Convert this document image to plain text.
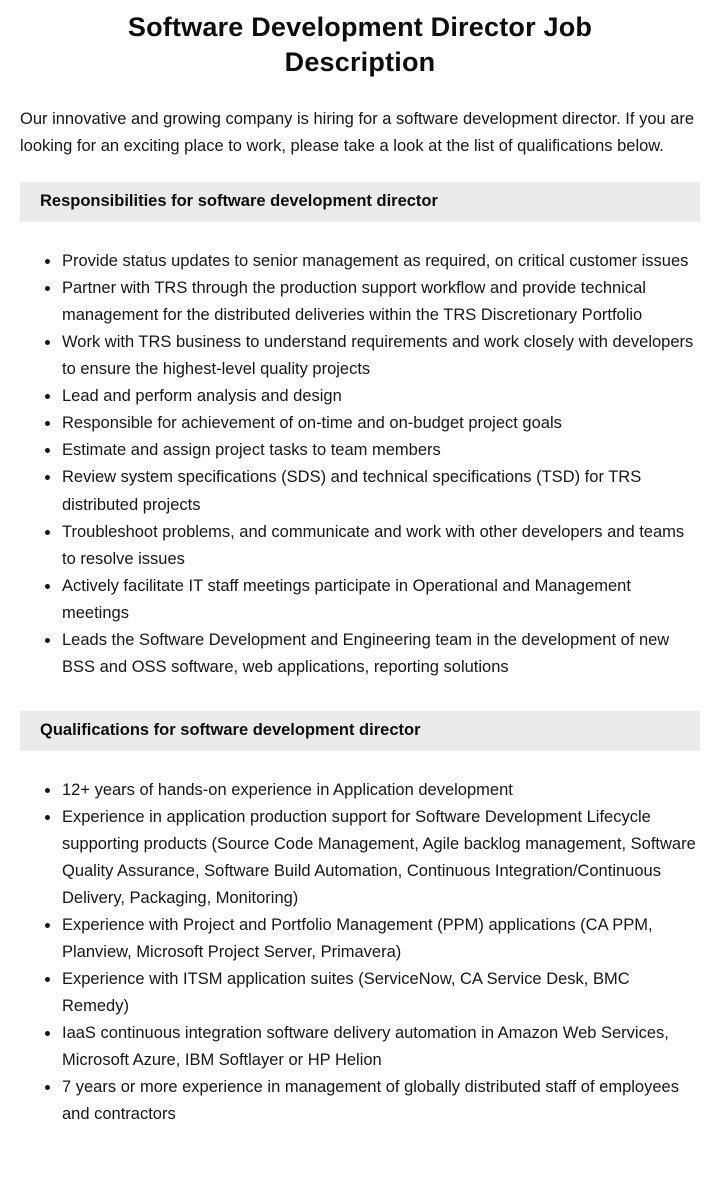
Software Development Director Job Description

Our innovative and growing company is hiring for a software development director. If you are looking for an exciting place to work, please take a look at the list of qualifications below.

Responsibilities for software development director
• Provide status updates to senior management as required, on critical customer issues
• Partner with TRS through the production support workflow and provide technical management for the distributed deliveries within the TRS Discretionary Portfolio
• Work with TRS business to understand requirements and work closely with developers to ensure the highest-level quality projects
• Lead and perform analysis and design
• Responsible for achievement of on-time and on-budget project goals
• Estimate and assign project tasks to team members
• Review system specifications (SDS) and technical specifications (TSD) for TRS distributed projects
• Troubleshoot problems, and communicate and work with other developers and teams to resolve issues
• Actively facilitate IT staff meetings participate in Operational and Management meetings
• Leads the Software Development and Engineering team in the development of new BSS and OSS software, web applications, reporting solutions
Qualifications for software development director
• 12+ years of hands-on experience in Application development
• Experience in application production support for Software Development Lifecycle supporting products (Source Code Management, Agile backlog management, Software Quality Assurance, Software Build Automation, Continuous Integration/Continuous Delivery, Packaging, Monitoring)
• Experience with Project and Portfolio Management (PPM) applications (CA PPM, Planview, Microsoft Project Server, Primavera)
• Experience with ITSM application suites (ServiceNow, CA Service Desk, BMC Remedy)
• IaaS continuous integration software delivery automation in Amazon Web Services, Microsoft Azure, IBM Softlayer or HP Helion
• 7 years or more experience in management of globally distributed staff of employees and contractors
